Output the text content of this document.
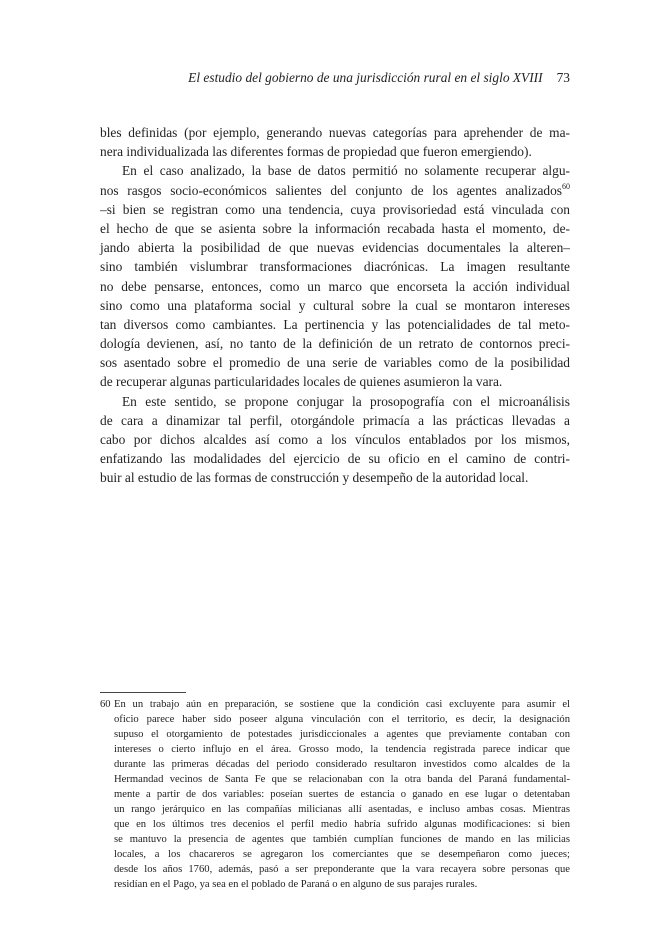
El estudio del gobierno de una jurisdicción rural en el siglo XVIII 73
bles definidas (por ejemplo, generando nuevas categorías para aprehender de ma-
nera individualizada las diferentes formas de propiedad que fueron emergiendo).
En el caso analizado, la base de datos permitió no solamente recuperar algu-
nos rasgos socio-económicos salientes del conjunto de los agentes analizados$^{60}$
–si bien se registran como una tendencia, cuya provisoriedad está vinculada con
el hecho de que se asienta sobre la información recabada hasta el momento, de-
jando abierta la posibilidad de que nuevas evidencias documentales la alteren–
sino también vislumbrar transformaciones diacrónicas. La imagen resultante
no debe pensarse, entonces, como un marco que encorseta la acción individual
sino como una plataforma social y cultural sobre la cual se montaron intereses
tan diversos como cambiantes. La pertinencia y las potencialidades de tal meto-
dología devienen, así, no tanto de la definición de un retrato de contornos preci-
sos asentado sobre el promedio de una serie de variables como de la posibilidad
de recuperar algunas particularidades locales de quienes asumieron la vara.
En este sentido, se propone conjugar la prosopografía con el microanálisis
de cara a dinamizar tal perfil, otorgándole primacía a las prácticas llevadas a
cabo por dichos alcaldes así como a los vínculos entablados por los mismos,
enfatizando las modalidades del ejercicio de su oficio en el camino de contri-
buir al estudio de las formas de construcción y desempeño de la autoridad local.
60 En un trabajo aún en preparación, se sostiene que la condición casi excluyente para asumir el
oficio parece haber sido poseer alguna vinculación con el territorio, es decir, la designación
supuso el otorgamiento de potestades jurisdiccionales a agentes que previamente contaban con
intereses o cierto influjo en el área. Grosso modo, la tendencia registrada parece indicar que
durante las primeras décadas del periodo considerado resultaron investidos como alcaldes de la
Hermandad vecinos de Santa Fe que se relacionaban con la otra banda del Paraná fundamental-
mente a partir de dos variables: poseían suertes de estancia o ganado en ese lugar o detentaban
un rango jerárquico en las compañías milicianas allí asentadas, e incluso ambas cosas. Mientras
que en los últimos tres decenios el perfil medio habría sufrido algunas modificaciones: si bien
se mantuvo la presencia de agentes que también cumplían funciones de mando en las milicias
locales, a los chacareros se agregaron los comerciantes que se desempeñaron como jueces;
desde los años 1760, además, pasó a ser preponderante que la vara recayera sobre personas que
residían en el Pago, ya sea en el poblado de Paraná o en alguno de sus parajes rurales.
